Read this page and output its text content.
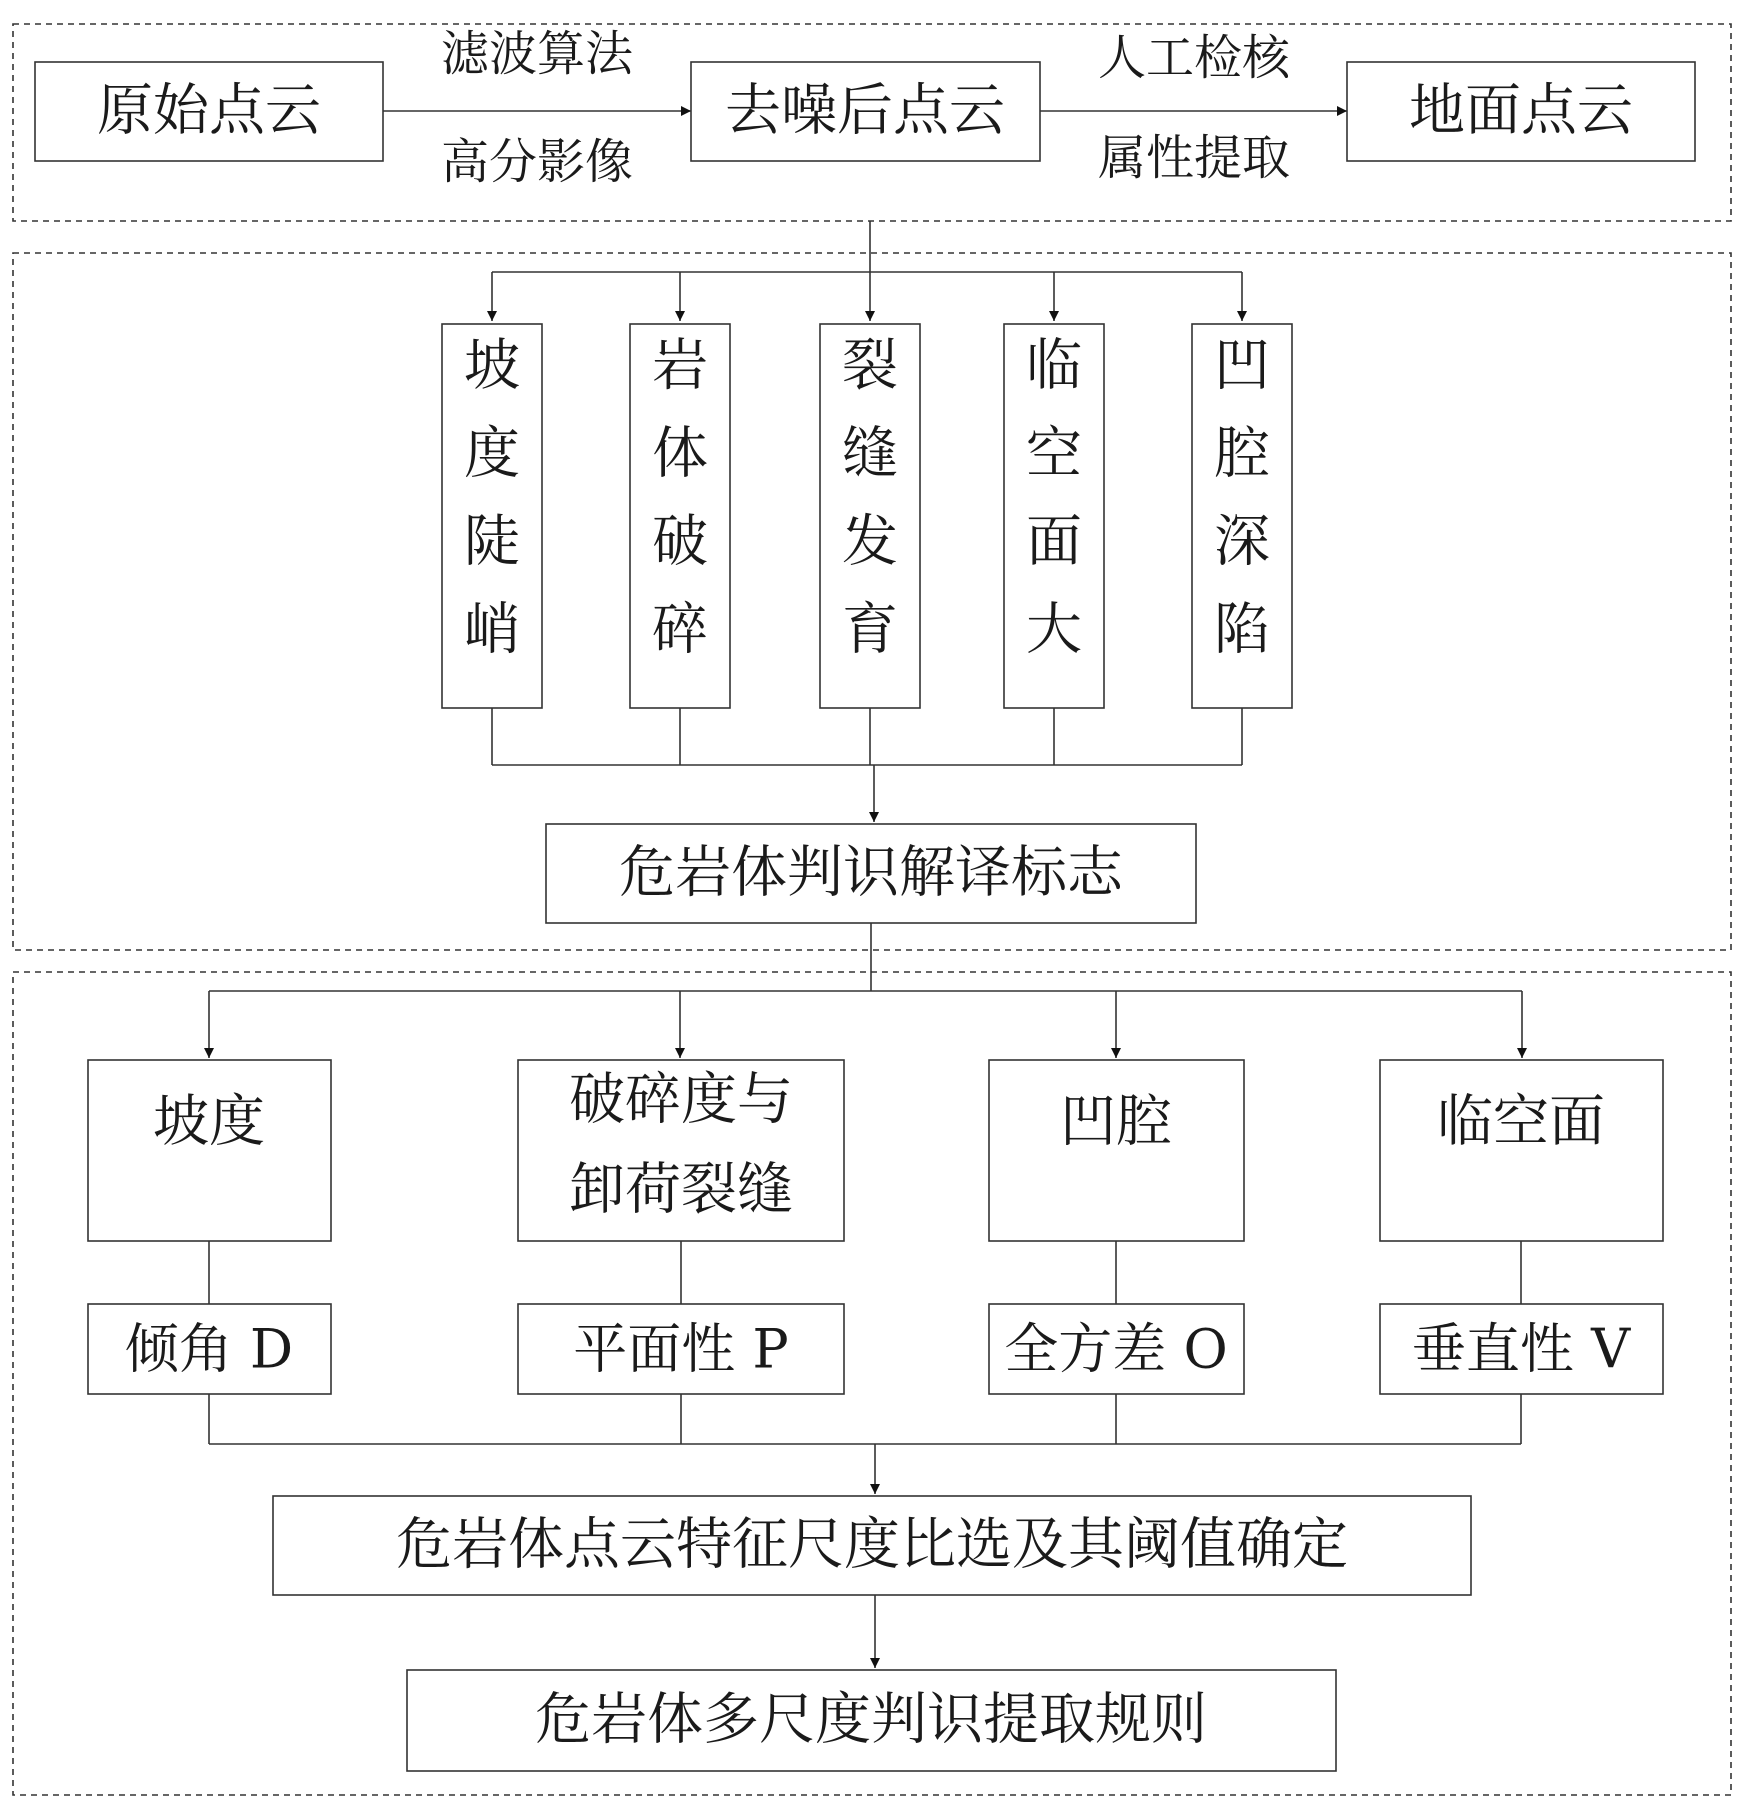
原始点云
滤波算法
高分影像
去噪后点云
人工检核
属性提取
地面点云
坡
度
陡
峭
岩
体
破
碎
裂
缝
发
育
临
空
面
大
凹
腔
深
陷
危岩体判识解译标志
坡度	破碎度与
卸荷裂缝
凹腔	临空面
倾角 D	平面性 P	全方差 O	垂直性 V
危岩体点云特征尺度比选及其阈值确定
危岩体多尺度判识提取规则
